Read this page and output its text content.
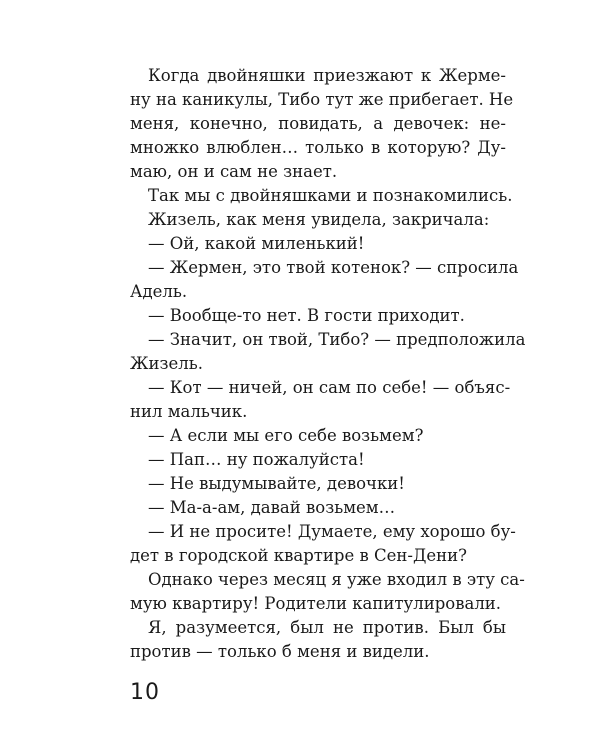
Когда двойняшки приезжают к Жерме-
ну на каникулы, Тибо тут же прибегает. Не
меня, конечно, повидать, а девочек: не-
множко влюблен… только в которую? Ду-
маю, он и сам не знает.
Так мы с двойняшками и познакомились.
Жизель, как меня увидела, закричала:
— Ой, какой миленький!
— Жермен, это твой котенок? — спросила
Адель.
— Вообще-то нет. В гости приходит.
— Значит, он твой, Тибо? — предположила
Жизель.
— Кот — ничей, он сам по себе! — объяс-
нил мальчик.
— А если мы его себе возьмем?
— Пап… ну пожалуйста!
— Не выдумывайте, девочки!
— Ма-а-ам, давай возьмем…
— И не просите! Думаете, ему хорошо бу-
дет в городской квартире в Сен-Дени?
Однако через месяц я уже входил в эту са-
мую квартиру! Родители капитулировали.
Я, разумеется, был не против. Был бы
против — только б меня и видели.
10
